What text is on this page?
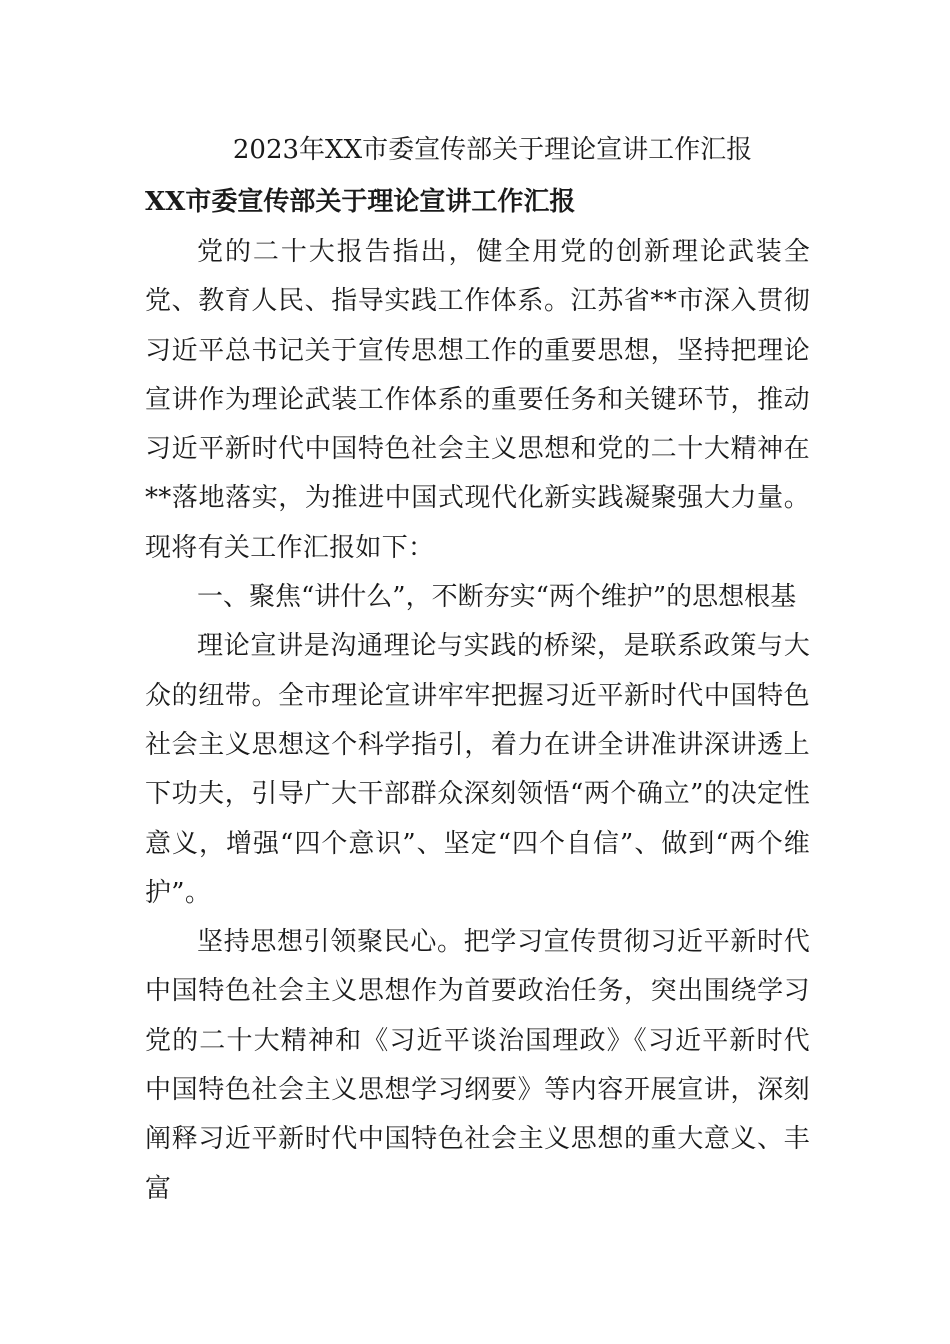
2023年XX市委宣传部关于理论宣讲工作汇报
XX市委宣传部关于理论宣讲工作汇报

党的二十大报告指出，健全用党的创新理论武装全党、教育人民、指导实践工作体系。江苏省**市深入贯彻习近平总书记关于宣传思想工作的重要思想，坚持把理论宣讲作为理论武装工作体系的重要任务和关键环节，推动习近平新时代中国特色社会主义思想和党的二十大精神在**落地落实，为推进中国式现代化新实践凝聚强大力量。现将有关工作汇报如下：

一、聚焦“讲什么”，不断夯实“两个维护”的思想根基

理论宣讲是沟通理论与实践的桥梁，是联系政策与大众的纽带。全市理论宣讲牢牢把握习近平新时代中国特色社会主义思想这个科学指引，着力在讲全讲准讲深讲透上下功夫，引导广大干部群众深刻领悟“两个确立”的决定性意义，增强“四个意识”、坚定“四个自信”、做到“两个维护”。

坚持思想引领聚民心。把学习宣传贯彻习近平新时代中国特色社会主义思想作为首要政治任务，突出围绕学习党的二十大精神和《习近平谈治国理政》《习近平新时代中国特色社会主义思想学习纲要》等内容开展宣讲，深刻阐释习近平新时代中国特色社会主义思想的重大意义、丰富
